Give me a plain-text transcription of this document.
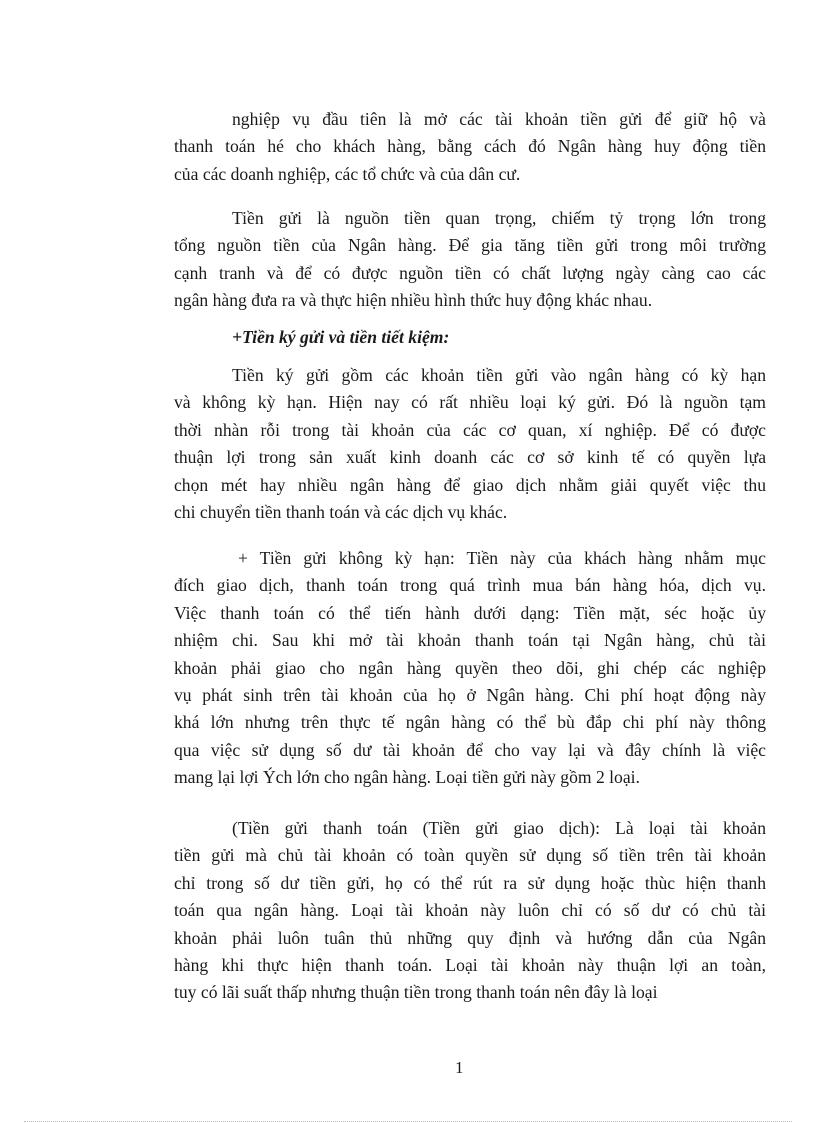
nghiệp vụ đầu tiên là mở các tài khoản tiền gửi để giữ hộ và
thanh toán hé cho khách hàng, bằng cách đó Ngân hàng huy động tiền
của các doanh nghiệp, các tổ chức và của dân cư.

Tiền gửi là nguồn tiền quan trọng, chiếm tỷ trọng lớn trong
tổng nguồn tiền của Ngân hàng. Để gia tăng tiền gửi trong môi trường
cạnh tranh và để có được nguồn tiền có chất lượng ngày càng cao các
ngân hàng đưa ra và thực hiện nhiều hình thức huy động khác nhau.

+Tiền ký gửi và tiền tiết kiệm:

Tiền ký gửi gồm các khoản tiền gửi vào ngân hàng có kỳ hạn
và không kỳ hạn. Hiện nay có rất nhiều loại ký gửi. Đó là nguồn tạm
thời nhàn rỗi trong tài khoản của các cơ quan, xí nghiệp. Để có được
thuận lợi trong sản xuất kinh doanh các cơ sở kinh tế có quyền lựa
chọn mét hay nhiều ngân hàng để giao dịch nhằm giải quyết việc thu
chi chuyển tiền thanh toán và các dịch vụ khác.

+ Tiền gửi không kỳ hạn: Tiền này của khách hàng nhằm mục
đích giao dịch, thanh toán trong quá trình mua bán hàng hóa, dịch vụ.
Việc thanh toán có thể tiến hành dưới dạng: Tiền mặt, séc hoặc ủy
nhiệm chi. Sau khi mở tài khoản thanh toán tại Ngân hàng, chủ tài
khoản phải giao cho ngân hàng quyền theo dõi, ghi chép các nghiệp
vụ phát sinh trên tài khoản của họ ở Ngân hàng. Chi phí hoạt động này
khá lớn nhưng trên thực tế ngân hàng có thể bù đắp chi phí này thông
qua việc sử dụng số dư tài khoản để cho vay lại và đây chính là việc
mang lại lợi Ých lớn cho ngân hàng. Loại tiền gửi này gồm 2 loại.

(Tiền gửi thanh toán (Tiền gửi giao dịch): Là loại tài khoản
tiền gửi mà chủ tài khoản có toàn quyền sử dụng số tiền trên tài khoản
chỉ trong số dư tiền gửi, họ có thể rút ra sử dụng hoặc thùc hiện thanh
toán qua ngân hàng. Loại tài khoản này luôn chỉ có số dư có chủ tài
khoản phải luôn tuân thủ những quy định và hướng dẫn của Ngân
hàng khi thực hiện thanh toán. Loại tài khoản này thuận lợi an toàn,
tuy có lãi suất thấp nhưng thuận tiền trong thanh toán nên đây là loại

1
